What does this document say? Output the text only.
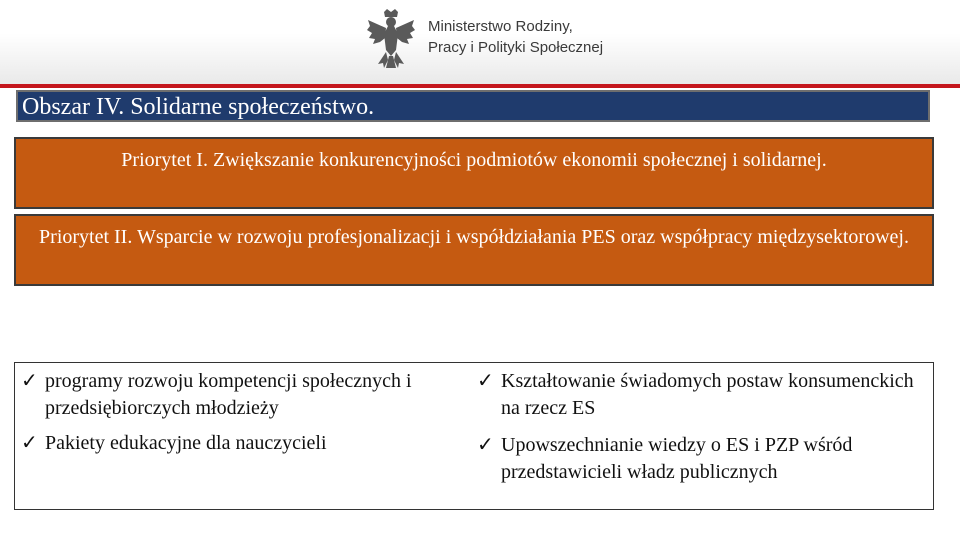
Ministerstwo Rodziny,
Pracy i Polityki Społecznej
Obszar IV. Solidarne społeczeństwo.
Priorytet I. Zwiększanie konkurencyjności podmiotów ekonomii społecznej i solidarnej.
Priorytet II. Wsparcie w rozwoju profesjonalizacji i współdziałania PES oraz współpracy międzysektorowej.
✓ programy rozwoju kompetencji społecznych i przedsiębiorczych młodzieży
✓ Kształtowanie świadomych postaw konsumenckich na rzecz ES
✓ Pakiety edukacyjne dla nauczycieli	✓ Upowszechnianie wiedzy o ES i PZP wśród przedstawicieli władz publicznych
